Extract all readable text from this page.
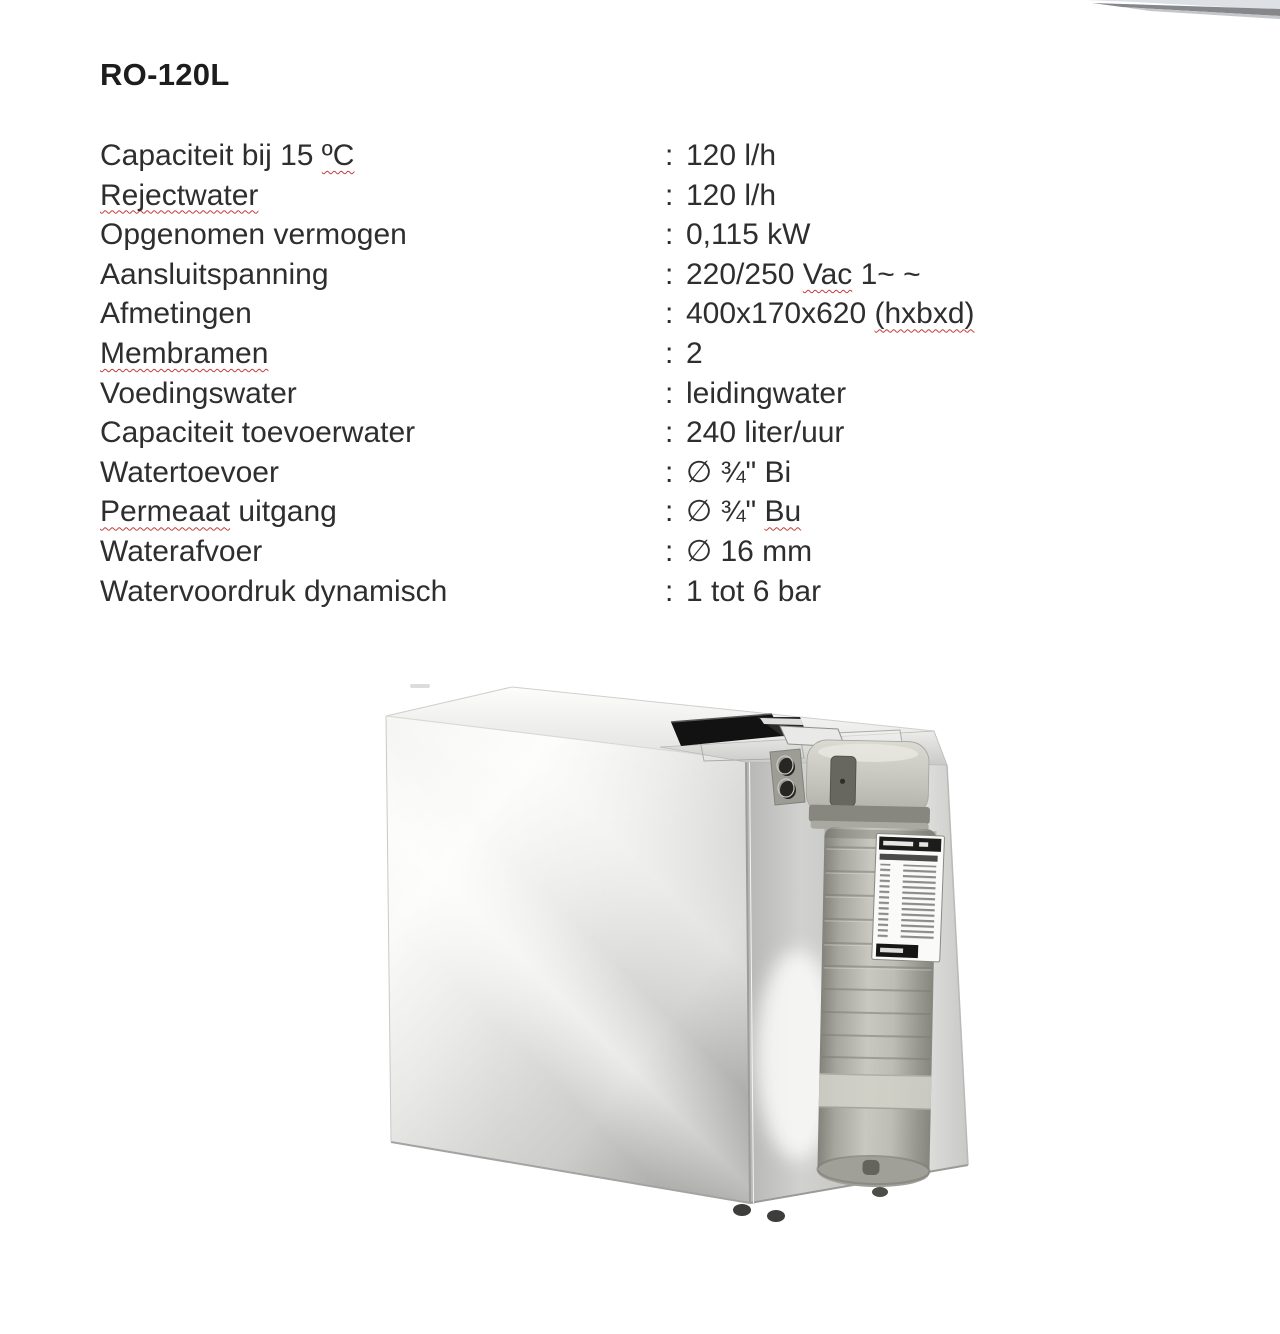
RO-120L
Capaciteit bij 15 ºC	: 120 l/h
Rejectwater	: 120 l/h
Opgenomen vermogen	: 0,115 kW
Aansluitspanning	: 220/250 Vac 1~ ~
Afmetingen	: 400x170x620 (hxbxd)
Membramen	: 2
Voedingswater	: leidingwater
Capaciteit toevoerwater	: 240 liter/uur
Watertoevoer	: ∅ ¾" Bi
Permeaat uitgang	: ∅ ¾" Bu
Waterafvoer	: ∅ 16 mm
Watervoordruk dynamisch	: 1 tot 6 bar
